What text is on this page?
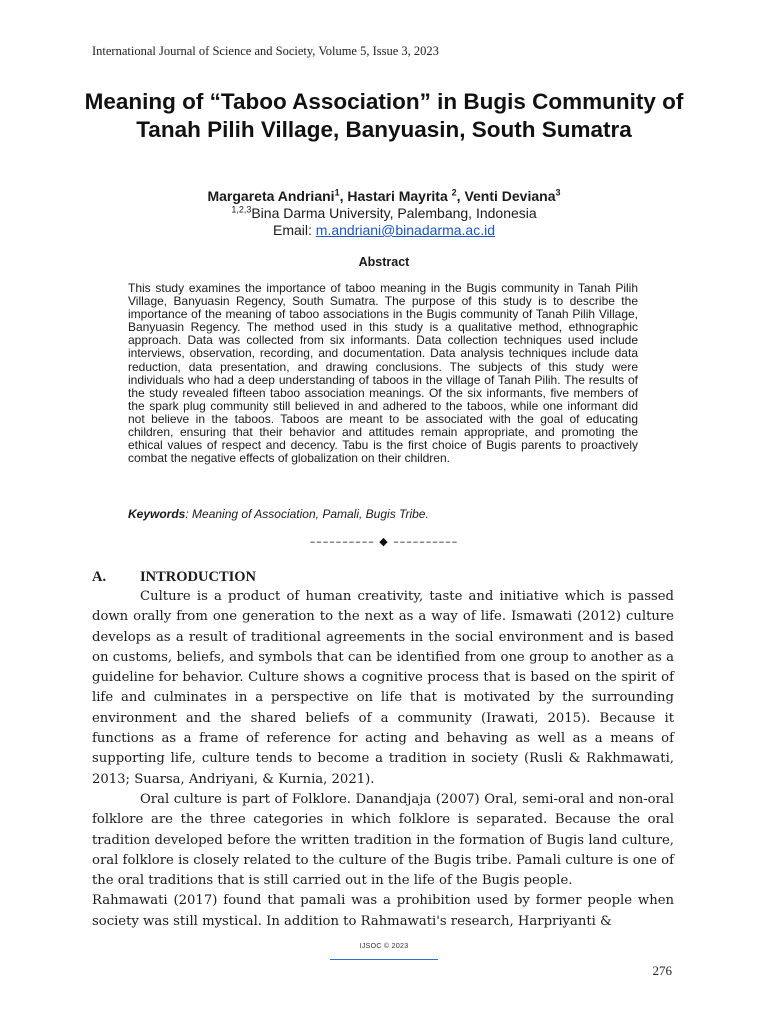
International Journal of Science and Society, Volume 5, Issue 3, 2023
Meaning of “Taboo Association” in Bugis Community of Tanah Pilih Village, Banyuasin, South Sumatra
Margareta Andriani$^1$, Hastari Mayrita $^2$, Venti Deviana$^3$
$^{1,2,3}$Bina Darma University, Palembang, Indonesia
Email: m.andriani@binadarma.ac.id
Abstract
This study examines the importance of taboo meaning in the Bugis community in Tanah Pilih Village, Banyuasin Regency, South Sumatra. The purpose of this study is to describe the importance of the meaning of taboo associations in the Bugis community of Tanah Pilih Village, Banyuasin Regency. The method used in this study is a qualitative method, ethnographic approach. Data was collected from six informants. Data collection techniques used include interviews, observation, recording, and documentation. Data analysis techniques include data reduction, data presentation, and drawing conclusions. The subjects of this study were individuals who had a deep understanding of taboos in the village of Tanah Pilih. The results of the study revealed fifteen taboo association meanings. Of the six informants, five members of the spark plug community still believed in and adhered to the taboos, while one informant did not believe in the taboos. Taboos are meant to be associated with the goal of educating children, ensuring that their behavior and attitudes remain appropriate, and promoting the ethical values of respect and decency. Tabu is the first choice of Bugis parents to proactively combat the negative effects of globalization on their children.
Keywords: Meaning of Association, Pamali, Bugis Tribe.
–––––––––– ◆ ––––––––––
A. INTRODUCTION

Culture is a product of human creativity, taste and initiative which is passed down orally from one generation to the next as a way of life. Ismawati (2012) culture develops as a result of traditional agreements in the social environment and is based on customs, beliefs, and symbols that can be identified from one group to another as a guideline for behavior. Culture shows a cognitive process that is based on the spirit of life and culminates in a perspective on life that is motivated by the surrounding environment and the shared beliefs of a community (Irawati, 2015). Because it functions as a frame of reference for acting and behaving as well as a means of supporting life, culture tends to become a tradition in society (Rusli & Rakhmawati, 2013; Suarsa, Andriyani, & Kurnia, 2021).

Oral culture is part of Folklore. Danandjaja (2007) Oral, semi-oral and non-oral folklore are the three categories in which folklore is separated. Because the oral tradition developed before the written tradition in the formation of Bugis land culture, oral folklore is closely related to the culture of the Bugis tribe. Pamali culture is one of the oral traditions that is still carried out in the life of the Bugis people.

Rahmawati (2017) found that pamali was a prohibition used by former people when society was still mystical. In addition to Rahmawati's research, Harpriyanti &

IJSOC © 2023
276
